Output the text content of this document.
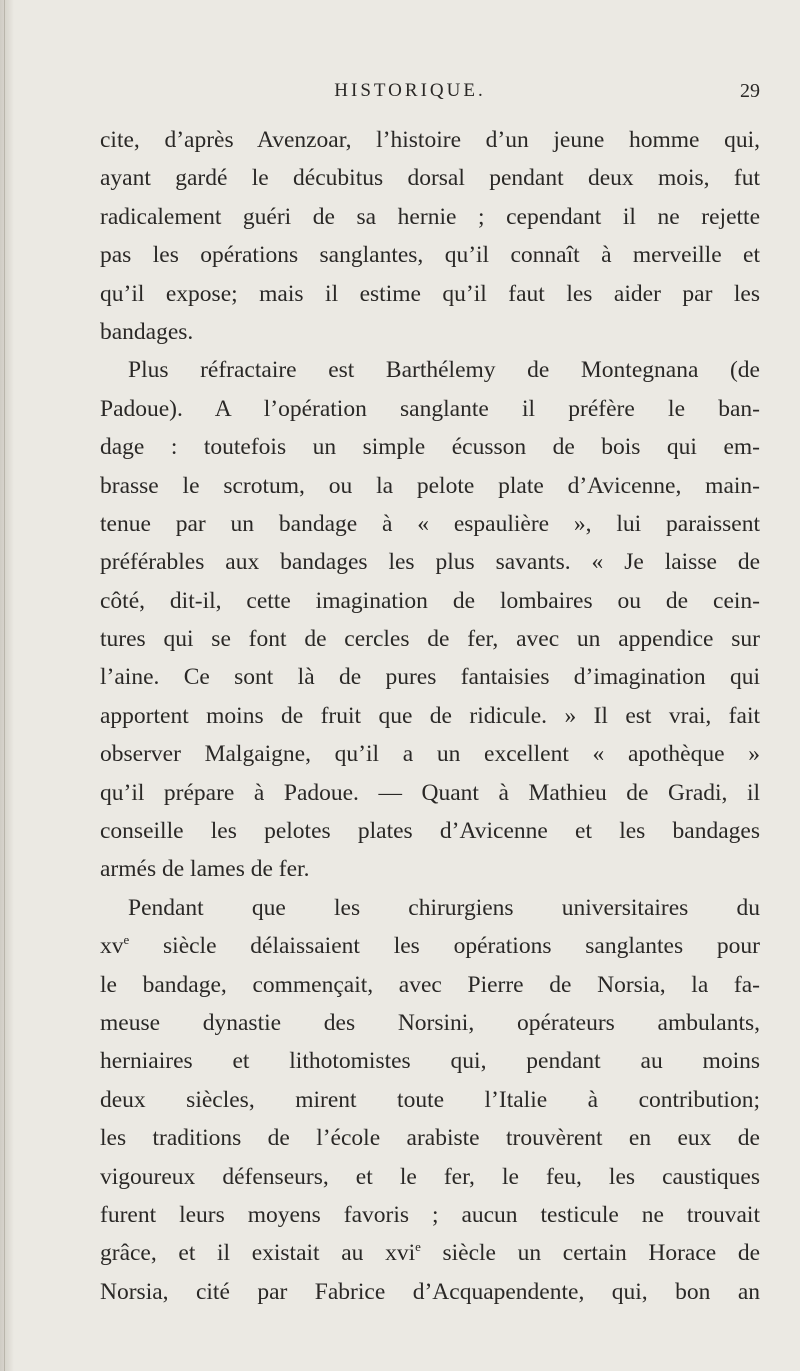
HISTORIQUE.	29
cite, d’après Avenzoar, l’histoire d’un jeune homme qui,
ayant gardé le décubitus dorsal pendant deux mois, fut
radicalement guéri de sa hernie ; cependant il ne rejette
pas les opérations sanglantes, qu’il connaît à merveille et
qu’il expose; mais il estime qu’il faut les aider par les
bandages.
Plus réfractaire est Barthélemy de Montegnana (de
Padoue). A l’opération sanglante il préfère le ban-
dage : toutefois un simple écusson de bois qui em-
brasse le scrotum, ou la pelote plate d’Avicenne, main-
tenue par un bandage à « espaulière », lui paraissent
préférables aux bandages les plus savants. « Je laisse de
côté, dit-il, cette imagination de lombaires ou de cein-
tures qui se font de cercles de fer, avec un appendice sur
l’aine. Ce sont là de pures fantaisies d’imagination qui
apportent moins de fruit que de ridicule. » Il est vrai, fait
observer Malgaigne, qu’il a un excellent « apothèque »
qu’il prépare à Padoue. — Quant à Mathieu de Gradi, il
conseille les pelotes plates d’Avicenne et les bandages
armés de lames de fer.
Pendant que les chirurgiens universitaires du
$xv^e$ siècle délaissaient les opérations sanglantes pour
le bandage, commençait, avec Pierre de Norsia, la fa-
meuse dynastie des Norsini, opérateurs ambulants,
herniaires et lithotomistes qui, pendant au moins
deux siècles, mirent toute l’Italie à contribution;
les traditions de l’école arabiste trouvèrent en eux de
vigoureux défenseurs, et le fer, le feu, les caustiques
furent leurs moyens favoris ; aucun testicule ne trouvait
grâce, et il existait au xvi$^e$ siècle un certain Horace de
Norsia, cité par Fabrice d’Acquapendente, qui, bon an
